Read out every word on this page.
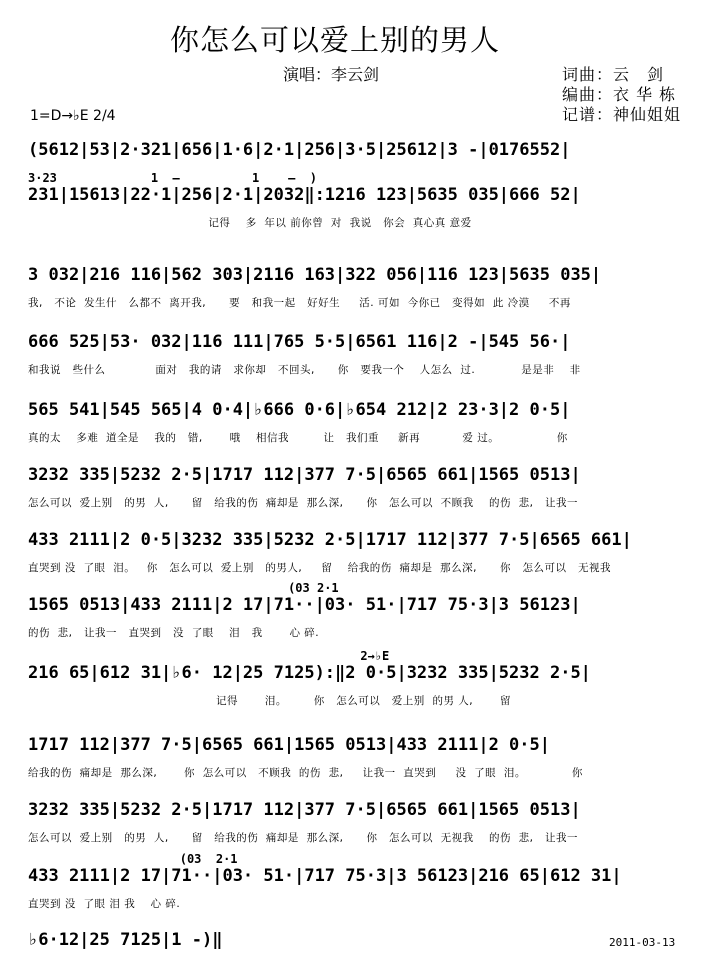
你怎么可以爱上别的男人
演唱：李云剑	词曲：云　剑
编曲：衣 华 栋
记谱：神仙姐姐
1=D→♭E 2/4
(5612|53|2·321|656|1·6|2·1|256|3·5|25612|3 -|0176552|
3·23             1  –          1    –  )
231|15613|22·1|256|2·1|2032‖:1216 123|5635 035|666 52|
记得    多  年以 前你曾  对  我说   你会  真心真 意爱
3 032|216 116|562 303|2116 163|322 056|116 123|5635 035|
我,   不论  发生什   么都不  离开我,      要   和我一起   好好生     活. 可如  今你已   变得如  此 冷漠     不再
666 525|53· 032|116 111|765 5·5|6561 116|2 -|545 56·|
和我说   些什么             面对   我的请   求你却   不回头,      你   要我一个    人怎么  过.            是是非    非
565 541|545 565|4 0·4|♭666 0·6|♭654 212|2 23·3|2 0·5|
真的太    多难  道全是    我的   错,       哦    相信我         让   我们重     新再           爱 过。               你
3232 335|5232 2·5|1717 112|377 7·5|6565 661|1565 0513|
怎么可以  爱上别   的男  人,      留   给我的伤  痛却是  那么深,      你   怎么可以  不顾我    的伤  悲,   让我一
433 2111|2 0·5|3232 335|5232 2·5|1717 112|377 7·5|6565 661|
直哭到 没  了眼  泪。   你   怎么可以  爱上别   的男人,     留    给我的伤  痛却是  那么深,      你   怎么可以   无视我
(03 2·1
1565 0513|433 2111|2 17|71··|03· 51·|717 75·3|3 56123|
的伤  悲,   让我一   直哭到   没  了眼    泪   我       心 碎.
2→♭E
216 65|612 31|♭6· 12|25 7125):‖2 0·5|3232 335|5232 2·5|
记得       泪。       你   怎么可以   爱上别  的男 人,       留
1717 112|377 7·5|6565 661|1565 0513|433 2111|2 0·5|
给我的伤  痛却是  那么深,       你  怎么可以   不顾我  的伤  悲,     让我一  直哭到     没  了眼  泪。            你
3232 335|5232 2·5|1717 112|377 7·5|6565 661|1565 0513|
怎么可以  爱上别   的男  人,      留   给我的伤  痛却是  那么深,      你   怎么可以  无视我    的伤  悲,   让我一
(03  2·1
433 2111|2 17|71··|03· 51·|717 75·3|3 56123|216 65|612 31|
直哭到 没  了眼 泪 我    心 碎.
♭6·12|25 7125|1 -)‖	2011-03-13
